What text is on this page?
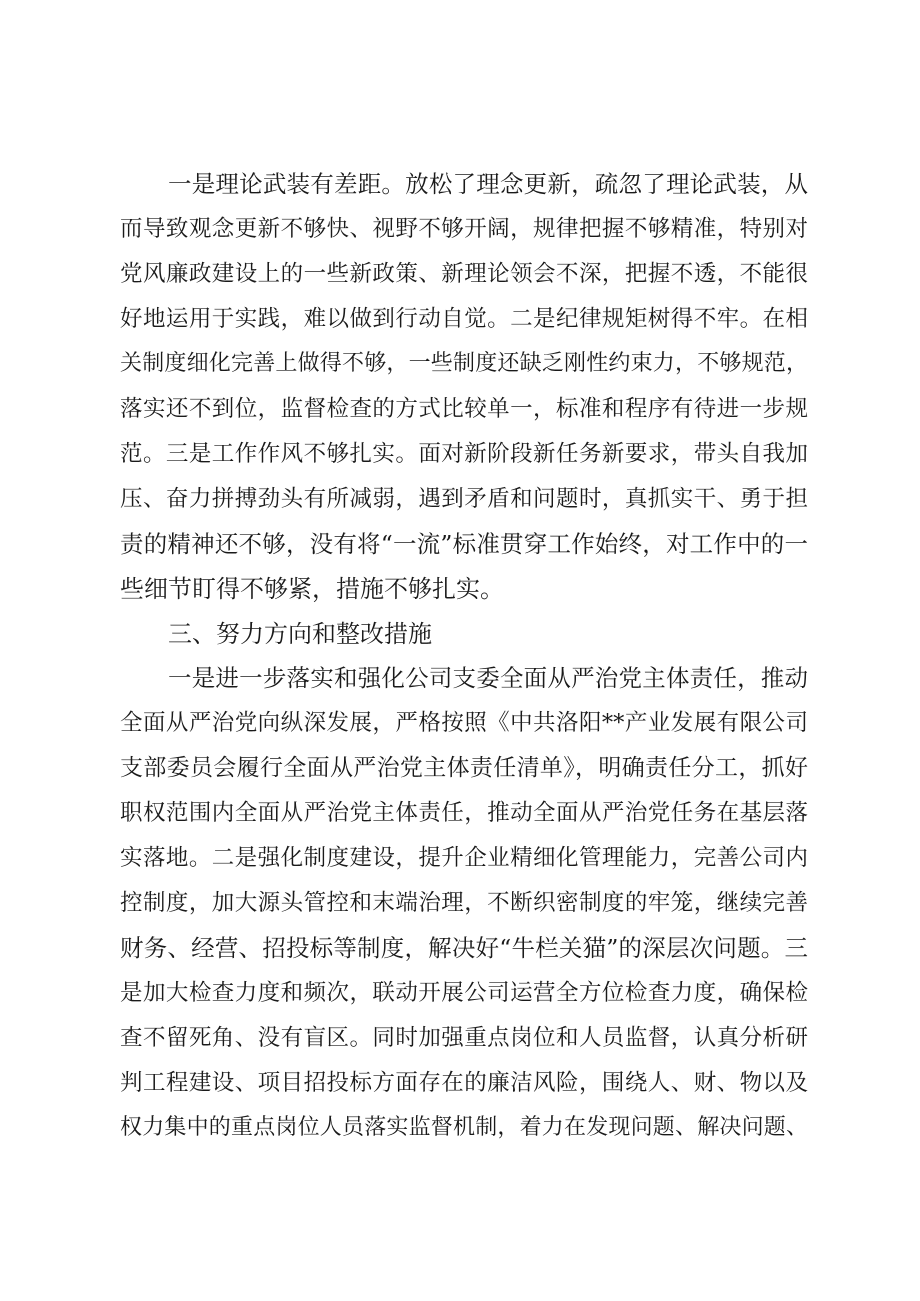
一是理论武装有差距。放松了理念更新，疏忽了理论武装，从
而导致观念更新不够快、视野不够开阔，规律把握不够精准，特别对
党风廉政建设上的一些新政策、新理论领会不深，把握不透，不能很
好地运用于实践，难以做到行动自觉。二是纪律规矩树得不牢。在相
关制度细化完善上做得不够，一些制度还缺乏刚性约束力，不够规范，
落实还不到位，监督检查的方式比较单一，标准和程序有待进一步规
范。三是工作作风不够扎实。面对新阶段新任务新要求，带头自我加
压、奋力拼搏劲头有所减弱，遇到矛盾和问题时，真抓实干、勇于担
责的精神还不够，没有将“一流”标准贯穿工作始终，对工作中的一
些细节盯得不够紧，措施不够扎实。
三、努力方向和整改措施
一是进一步落实和强化公司支委全面从严治党主体责任，推动
全面从严治党向纵深发展，严格按照《中共洛阳**产业发展有限公司
支部委员会履行全面从严治党主体责任清单》，明确责任分工，抓好
职权范围内全面从严治党主体责任，推动全面从严治党任务在基层落
实落地。二是强化制度建设，提升企业精细化管理能力，完善公司内
控制度，加大源头管控和末端治理，不断织密制度的牢笼，继续完善
财务、经营、招投标等制度，解决好“牛栏关猫”的深层次问题。三
是加大检查力度和频次，联动开展公司运营全方位检查力度，确保检
查不留死角、没有盲区。同时加强重点岗位和人员监督，认真分析研
判工程建设、项目招投标方面存在的廉洁风险，围绕人、财、物以及
权力集中的重点岗位人员落实监督机制，着力在发现问题、解决问题、
